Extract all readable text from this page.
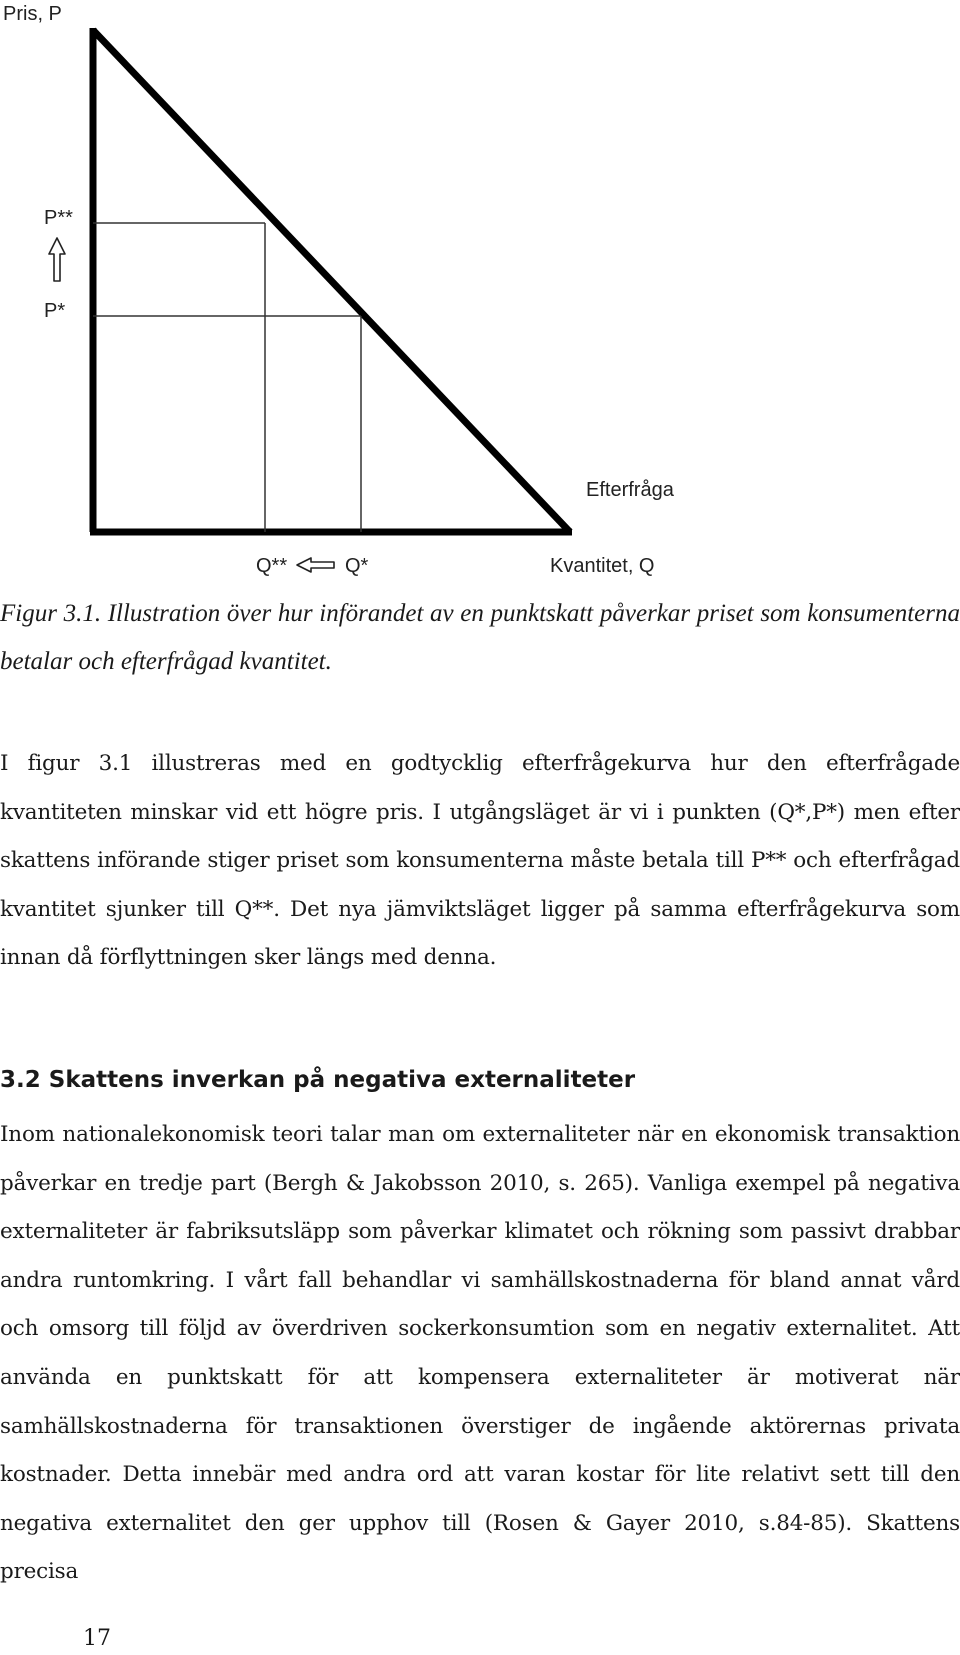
Pris, P
P**
P*
Efterfråga
Q**	Q*	Kvantitet, Q

Figur 3.1. Illustration över hur införandet av en punktskatt påverkar priset som konsumenterna betalar och efterfrågad kvantitet.

I figur 3.1 illustreras med en godtycklig efterfrågekurva hur den efterfrågade kvantiteten minskar vid ett högre pris. I utgångsläget är vi i punkten (Q*,P*) men efter skattens införande stiger priset som konsumenterna måste betala till P** och efterfrågad kvantitet sjunker till Q**. Det nya jämviktsläget ligger på samma efterfrågekurva som innan då förflyttningen sker längs med denna.

3.2 Skattens inverkan på negativa externaliteter

Inom nationalekonomisk teori talar man om externaliteter när en ekonomisk transaktion påverkar en tredje part (Bergh & Jakobsson 2010, s. 265). Vanliga exempel på negativa externaliteter är fabriksutsläpp som påverkar klimatet och rökning som passivt drabbar andra runtomkring. I vårt fall behandlar vi samhällskostnaderna för bland annat vård och omsorg till följd av överdriven sockerkonsumtion som en negativ externalitet. Att använda en punktskatt för att kompensera externaliteter är motiverat när samhällskostnaderna för transaktionen överstiger de ingående aktörernas privata kostnader. Detta innebär med andra ord att varan kostar för lite relativt sett till den negativa externalitet den ger upphov till (Rosen & Gayer 2010, s.84-85). Skattens precisa

17
